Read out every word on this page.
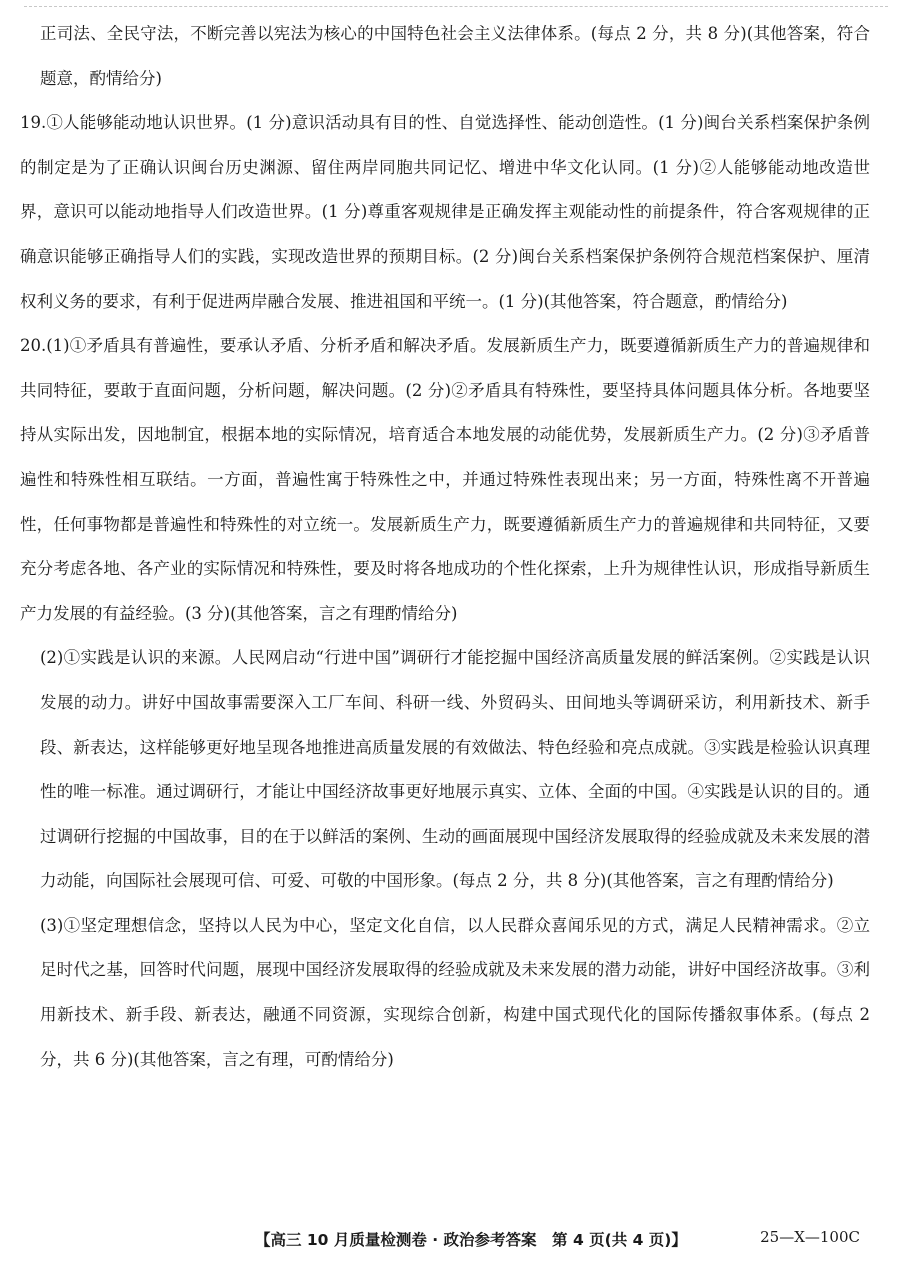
正司法、全民守法，不断完善以宪法为核心的中国特色社会主义法律体系。(每点 2 分，共 8 分)(其他答案，符合题意，酌情给分)

19.①人能够能动地认识世界。(1 分)意识活动具有目的性、自觉选择性、能动创造性。(1 分)闽台关系档案保护条例的制定是为了正确认识闽台历史渊源、留住两岸同胞共同记忆、增进中华文化认同。(1 分)②人能够能动地改造世界，意识可以能动地指导人们改造世界。(1 分)尊重客观规律是正确发挥主观能动性的前提条件，符合客观规律的正确意识能够正确指导人们的实践，实现改造世界的预期目标。(2 分)闽台关系档案保护条例符合规范档案保护、厘清权利义务的要求，有利于促进两岸融合发展、推进祖国和平统一。(1 分)(其他答案，符合题意，酌情给分)

20.(1)①矛盾具有普遍性，要承认矛盾、分析矛盾和解决矛盾。发展新质生产力，既要遵循新质生产力的普遍规律和共同特征，要敢于直面问题，分析问题，解决问题。(2 分)②矛盾具有特殊性，要坚持具体问题具体分析。各地要坚持从实际出发，因地制宜，根据本地的实际情况，培育适合本地发展的动能优势，发展新质生产力。(2 分)③矛盾普遍性和特殊性相互联结。一方面，普遍性寓于特殊性之中，并通过特殊性表现出来；另一方面，特殊性离不开普遍性，任何事物都是普遍性和特殊性的对立统一。发展新质生产力，既要遵循新质生产力的普遍规律和共同特征，又要充分考虑各地、各产业的实际情况和特殊性，要及时将各地成功的个性化探索，上升为规律性认识，形成指导新质生产力发展的有益经验。(3 分)(其他答案，言之有理酌情给分)

(2)①实践是认识的来源。人民网启动“行进中国”调研行才能挖掘中国经济高质量发展的鲜活案例。②实践是认识发展的动力。讲好中国故事需要深入工厂车间、科研一线、外贸码头、田间地头等调研采访，利用新技术、新手段、新表达，这样能够更好地呈现各地推进高质量发展的有效做法、特色经验和亮点成就。③实践是检验认识真理性的唯一标准。通过调研行，才能让中国经济故事更好地展示真实、立体、全面的中国。④实践是认识的目的。通过调研行挖掘的中国故事，目的在于以鲜活的案例、生动的画面展现中国经济发展取得的经验成就及未来发展的潜力动能，向国际社会展现可信、可爱、可敬的中国形象。(每点 2 分，共 8 分)(其他答案，言之有理酌情给分)

(3)①坚定理想信念，坚持以人民为中心，坚定文化自信，以人民群众喜闻乐见的方式，满足人民精神需求。②立足时代之基，回答时代问题，展现中国经济发展取得的经验成就及未来发展的潜力动能，讲好中国经济故事。③利用新技术、新手段、新表达，融通不同资源，实现综合创新，构建中国式现代化的国际传播叙事体系。(每点 2 分，共 6 分)(其他答案，言之有理，可酌情给分)

【高三 10 月质量检测卷 · 政治参考答案　第 4 页(共 4 页)】	25—X—100C
